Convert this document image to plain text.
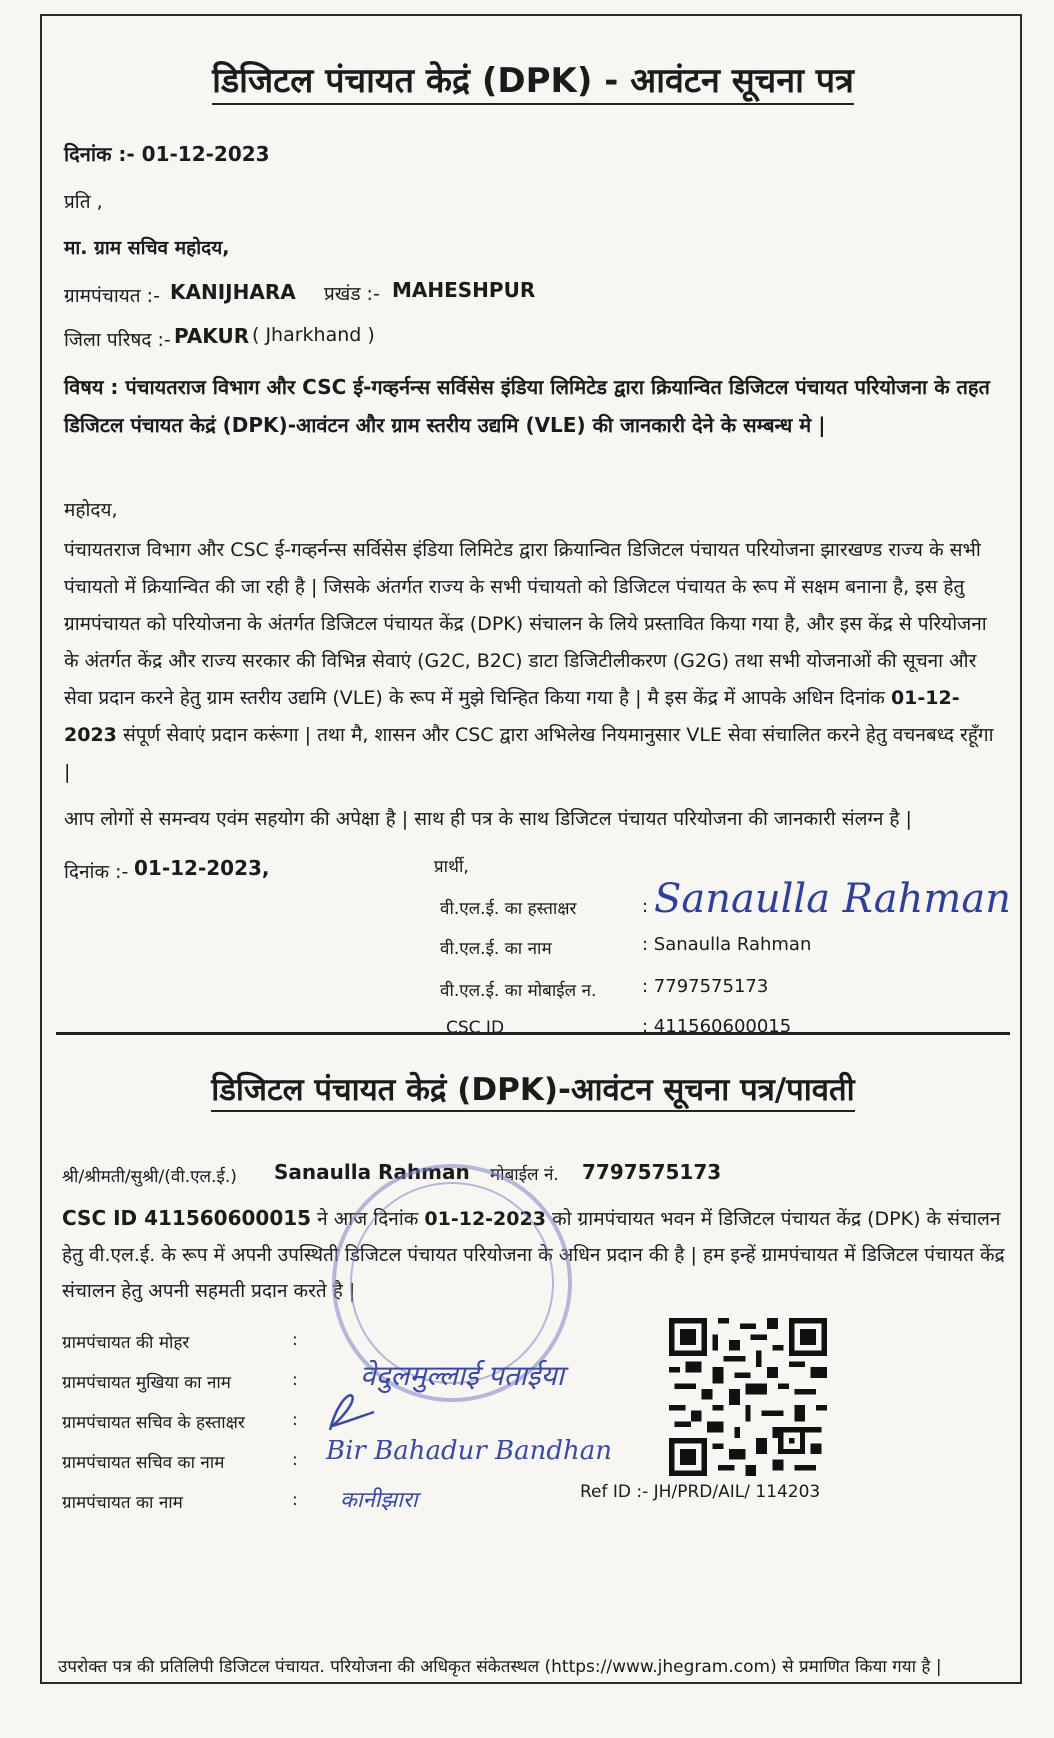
डिजिटल पंचायत केद्रं (DPK) - आवंटन सूचना पत्र
दिनांक :- 01-12-2023
प्रति ,
मा. ग्राम सचिव महोदय,
ग्रामपंचायत :- KANIJHARA प्रखंड :- MAHESHPUR
जिला परिषद :- PAKUR ( Jharkhand )
विषय : पंचायतराज विभाग और CSC ई-गव्हर्नन्स सर्विसेस इंडिया लिमिटेड द्वारा क्रियान्वित डिजिटल पंचायत परियोजना के तहत डिजिटल पंचायत केद्रं (DPK)-आवंटन और ग्राम स्तरीय उद्यमि (VLE) की जानकारी देने के सम्बन्ध मे |
महोदय,
पंचायतराज विभाग और CSC ई-गव्हर्नन्स सर्विसेस इंडिया लिमिटेड द्वारा क्रियान्वित डिजिटल पंचायत परियोजना झारखण्ड राज्य के सभी पंचायतो में क्रियान्वित की जा रही है | जिसके अंतर्गत राज्य के सभी पंचायतो को डिजिटल पंचायत के रूप में सक्षम बनाना है, इस हेतु ग्रामपंचायत को परियोजना के अंतर्गत डिजिटल पंचायत केंद्र (DPK) संचालन के लिये प्रस्तावित किया गया है, और इस केंद्र से परियोजना के अंतर्गत केंद्र और राज्य सरकार की विभिन्न सेवाएं (G2C, B2C) डाटा डिजिटीलीकरण (G2G) तथा सभी योजनाओं की सूचना और सेवा प्रदान करने हेतु ग्राम स्तरीय उद्यमि (VLE) के रूप में मुझे चिन्हित किया गया है | मै इस केंद्र में आपके अधिन दिनांक 01-12-2023 संपूर्ण सेवाएं प्रदान करूंगा | तथा मै, शासन और CSC द्वारा अभिलेख नियमानुसार VLE सेवा संचालित करने हेतु वचनबध्द रहूँगा |
आप लोगों से समन्वय एवंम सहयोग की अपेक्षा है | साथ ही पत्र के साथ डिजिटल पंचायत परियोजना की जानकारी संलग्न है |
दिनांक :- 01-12-2023,	प्रार्थी,
वी.एल.ई. का हस्ताक्षर	: Sanaulla Rahman
वी.एल.ई. का नाम	: Sanaulla Rahman
वी.एल.ई. का मोबाईल न.	: 7797575173
CSC ID	: 411560600015
डिजिटल पंचायत केद्रं (DPK)-आवंटन सूचना पत्र/पावती
श्री/श्रीमती/सुश्री/(वी.एल.ई.) Sanaulla Rahman मोबाईल नं. 7797575173
CSC ID 411560600015 ने आज दिनांक 01-12-2023 को ग्रामपंचायत भवन में डिजिटल पंचायत केंद्र (DPK) के संचालन हेतु वी.एल.ई. के रूप में अपनी उपस्थिती डिजिटल पंचायत परियोजना के अधिन प्रदान की है | हम इन्हें ग्रामपंचायत में डिजिटल पंचायत केंद्र संचालन हेतु अपनी सहमती प्रदान करते है |
ग्रामपंचायत की मोहर	:
ग्रामपंचायत मुखिया का नाम	: वेदुलमुल्लाई पताईया
ग्रामपंचायत सचिव के हस्ताक्षर	:
ग्रामपंचायत सचिव का नाम	: Bir Bahadur Bandhan
ग्रामपंचायत का नाम	: कानीझारा	Ref ID :- JH/PRD/AIL/ 114203
उपरोक्त पत्र की प्रतिलिपी डिजिटल पंचायत. परियोजना की अधिकृत संकेतस्थल (https://www.jhegram.com) से प्रमाणित किया गया है |
